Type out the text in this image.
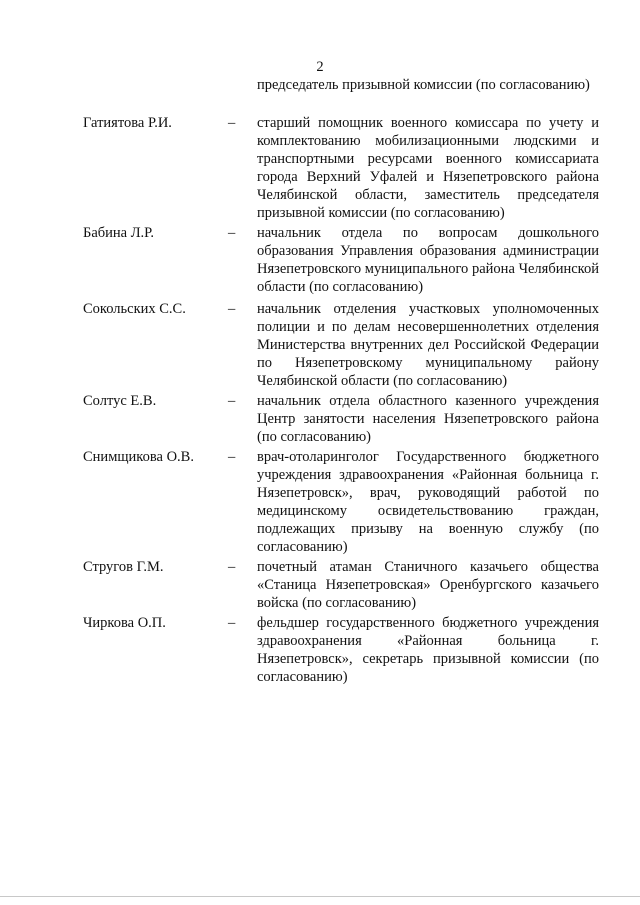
2
председатель призывной комиссии (по согласованию)
Гатиятова Р.И.	–	старший помощник военного комиссара по учету и комплектованию мобилизационными людскими и транспортными ресурсами военного комиссариата города Верхний Уфалей и Нязепетровского района Челябинской области, заместитель председателя призывной комиссии (по согласованию)
Бабина Л.Р.	–	начальник отдела по вопросам дошкольного образования Управления образования администрации Нязепетровского муниципального района Челябинской области (по согласованию)
Сокольских С.С.	–	начальник отделения участковых уполномоченных полиции и по делам несовершеннолетних отделения Министерства внутренних дел Российской Федерации по Нязепетровскому муниципальному району Челябинской области (по согласованию)
Солтус Е.В.	–	начальник отдела областного казенного учреждения Центр занятости населения Нязепетровского района (по согласованию)
Снимщикова О.В.	–	врач-отоларинголог Государственного бюджетного учреждения здравоохранения «Районная больница г. Нязепетровск», врач, руководящий работой по медицинскому освидетельствованию граждан, подлежащих призыву на военную службу (по согласованию)
Стругов Г.М.	–	почетный атаман Станичного казачьего общества «Станица Нязепетровская» Оренбургского казачьего войска (по согласованию)
Чиркова О.П.	–	фельдшер государственного бюджетного учреждения здравоохранения «Районная больница г. Нязепетровск», секретарь призывной комиссии (по согласованию)
